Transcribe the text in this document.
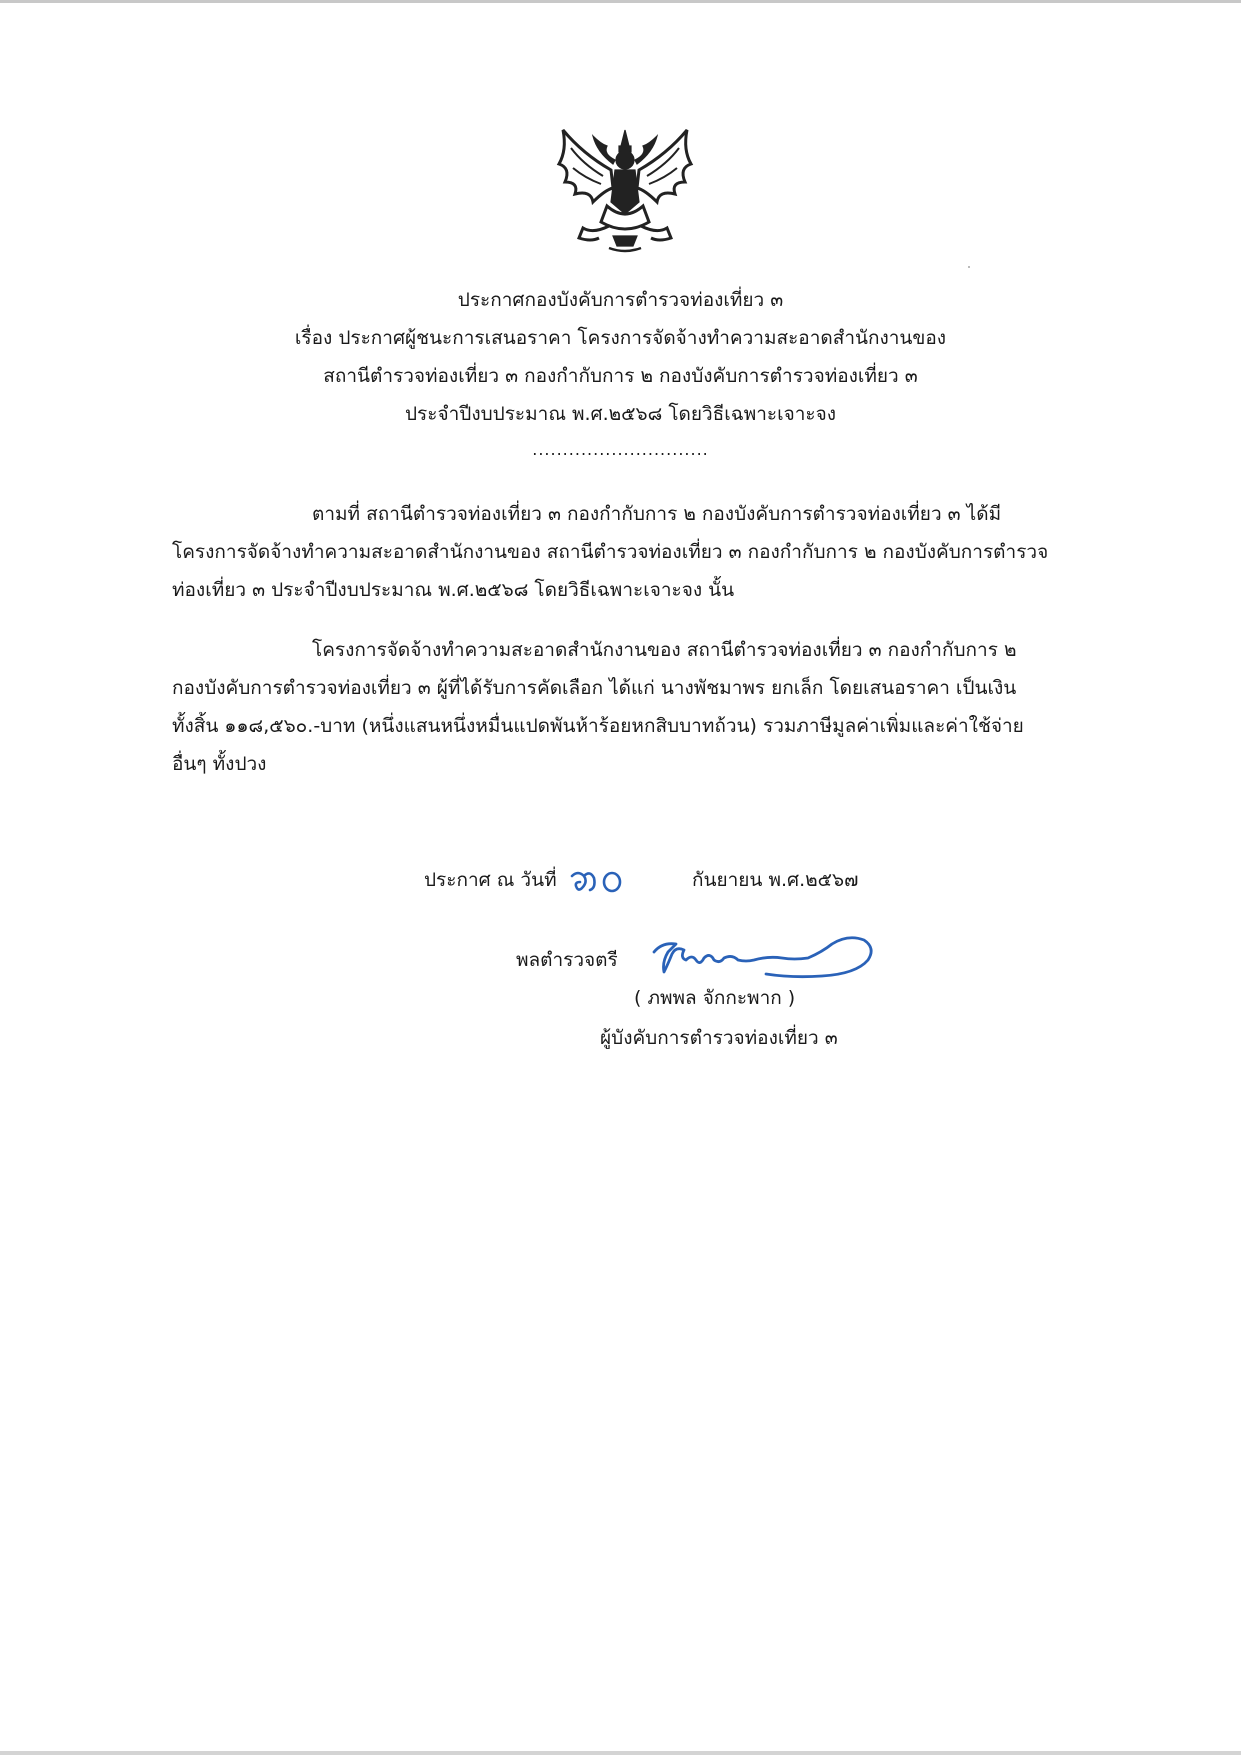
ประกาศกองบังคับการตำรวจท่องเที่ยว ๓
เรื่อง ประกาศผู้ชนะการเสนอราคา โครงการจัดจ้างทำความสะอาดสำนักงานของ
สถานีตำรวจท่องเที่ยว ๓ กองกำกับการ ๒ กองบังคับการตำรวจท่องเที่ยว ๓
ประจำปีงบประมาณ พ.ศ.๒๕๖๘ โดยวิธีเฉพาะเจาะจง
.............................
ตามที่ สถานีตำรวจท่องเที่ยว ๓ กองกำกับการ ๒ กองบังคับการตำรวจท่องเที่ยว ๓ ได้มี
โครงการจัดจ้างทำความสะอาดสำนักงานของ สถานีตำรวจท่องเที่ยว ๓ กองกำกับการ ๒ กองบังคับการตำรวจ
ท่องเที่ยว ๓ ประจำปีงบประมาณ พ.ศ.๒๕๖๘ โดยวิธีเฉพาะเจาะจง นั้น
โครงการจัดจ้างทำความสะอาดสำนักงานของ สถานีตำรวจท่องเที่ยว ๓ กองกำกับการ ๒
กองบังคับการตำรวจท่องเที่ยว ๓ ผู้ที่ได้รับการคัดเลือก ได้แก่ นางพัชมาพร ยกเล็ก โดยเสนอราคา เป็นเงิน
ทั้งสิ้น ๑๑๘,๕๖๐.-บาท (หนึ่งแสนหนึ่งหมื่นแปดพันห้าร้อยหกสิบบาทถ้วน) รวมภาษีมูลค่าเพิ่มและค่าใช้จ่าย
อื่นๆ ทั้งปวง
ประกาศ ณ วันที่	กันยายน พ.ศ.๒๕๖๗
พลตำรวจตรี
( ภพพล จักกะพาก )
ผู้บังคับการตำรวจท่องเที่ยว ๓
